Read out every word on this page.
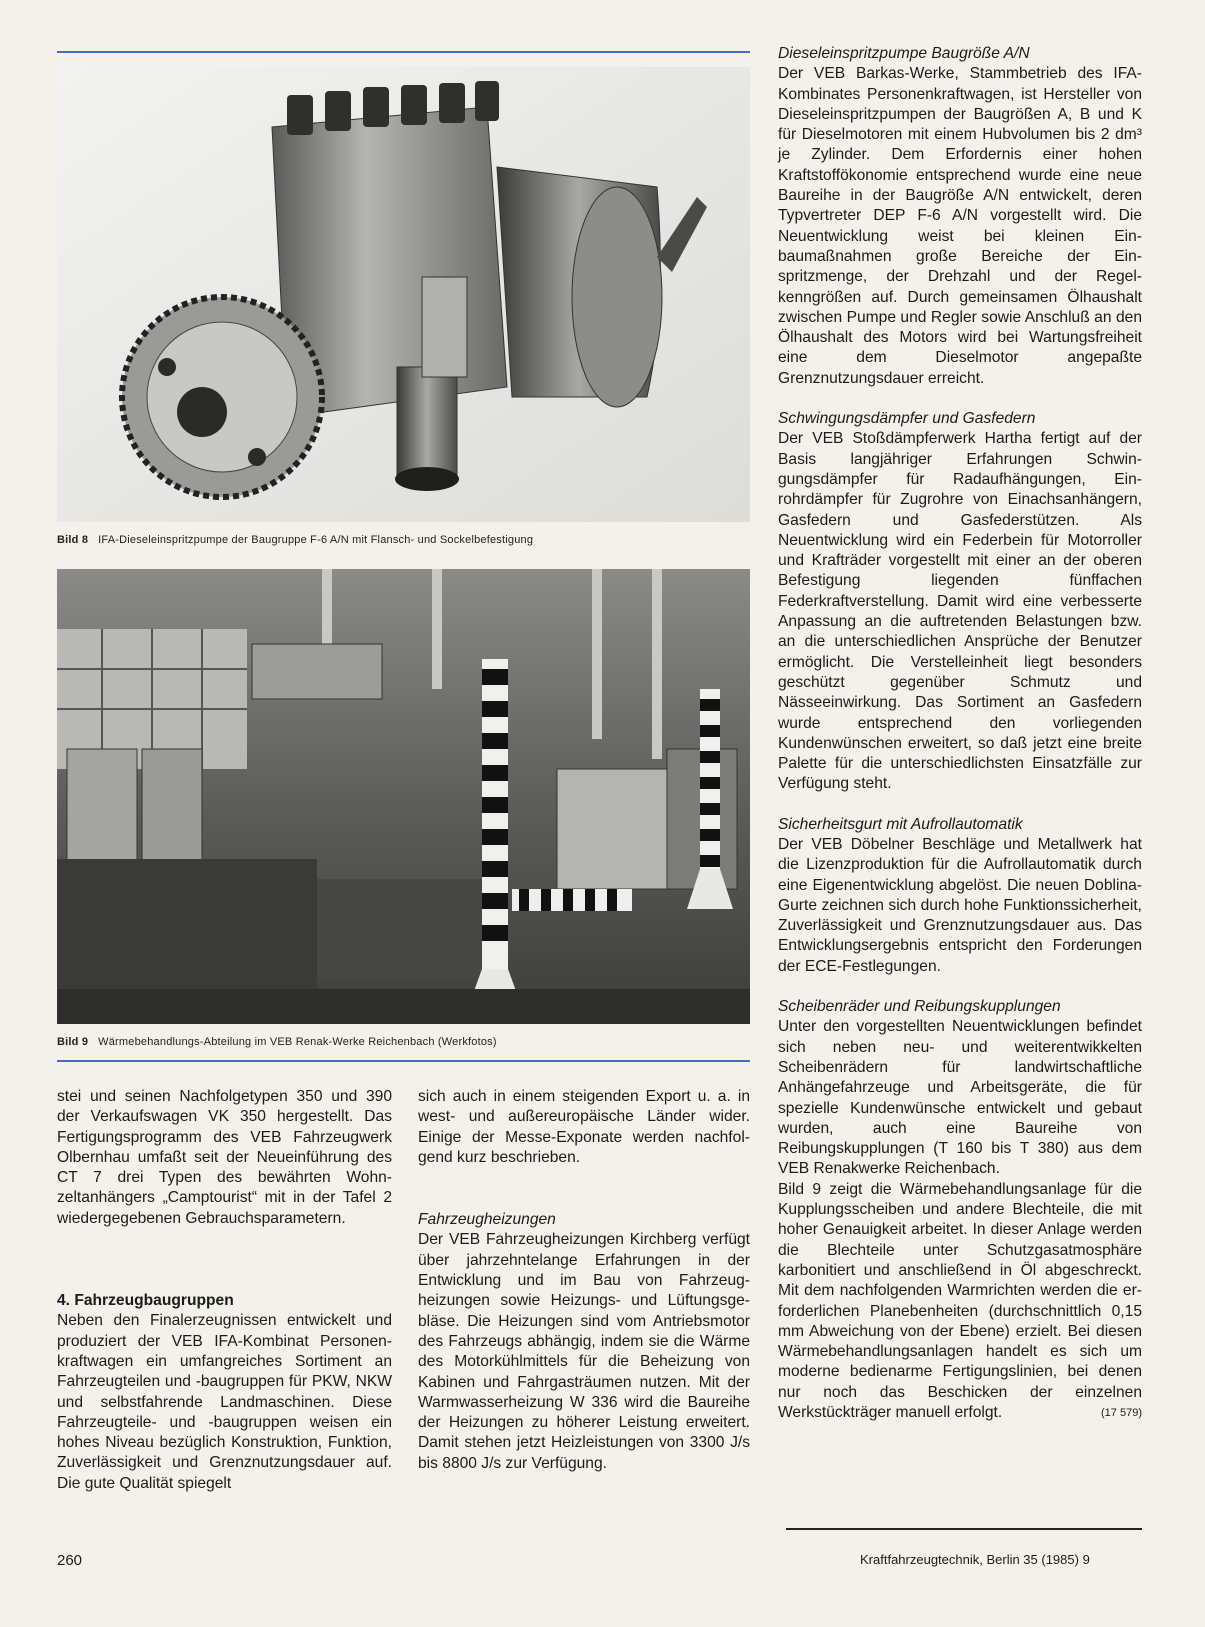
Bild 8 IFA-Dieseleinspritzpumpe der Baugruppe F-6 A/N mit Flansch- und Sockelbefestigung
Bild 9 Wärmebehandlungs-Abteilung im VEB Renak-Werke Reichenbach (Werkfotos)

Dieseleinspritzpumpe Baugröße A/N

Der VEB Barkas-Werke, Stammbetrieb des IFA-Kombinates Personenkraftwagen, ist Hersteller von Dieseleinspritzpumpen der Baugrößen A, B und K für Dieselmotoren mit einem Hubvolumen bis 2 dm³ je Zylinder. Dem Erfordernis einer hohen Kraftstoffökonomie entsprechend wurde eine neue Baureihe in der Baugröße A/N entwickelt, deren Typvertreter DEP F-6 A/N vorgestellt wird. Die Neuentwicklung weist bei kleinen Einbaumaßnahmen große Bereiche der Einspritzmenge, der Drehzahl und der Regelkenngrößen auf. Durch gemeinsamen Ölhaushalt zwischen Pumpe und Regler sowie Anschluß an den Ölhaushalt des Motors wird bei Wartungsfreiheit eine dem Dieselmotor angepaßte Grenznutzungsdauer erreicht.

Schwingungsdämpfer und Gasfedern

Der VEB Stoßdämpferwerk Hartha fertigt auf der Basis langjähriger Erfahrungen Schwingungsdämpfer für Radaufhängungen, Einrohrdämpfer für Zugrohre von Einachsanhängern, Gasfedern und Gasfederstützen. Als Neuentwicklung wird ein Federbein für Motorroller und Krafträder vorgestellt mit einer an der oberen Befestigung liegenden fünffachen Federkraftverstellung. Damit wird eine verbesserte Anpassung an die auftretenden Belastungen bzw. an die unterschiedlichen Ansprüche der Benutzer ermöglicht. Die Verstelleinheit liegt besonders geschützt gegenüber Schmutz und Nässeeinwirkung. Das Sortiment an Gasfedern wurde entsprechend den vorliegenden Kundenwünschen erweitert, so daß jetzt eine breite Palette für die unterschiedlichsten Einsatzfälle zur Verfügung steht.

Sicherheitsgurt mit Aufrollautomatik

Der VEB Döbelner Beschläge und Metallwerk hat die Lizenzproduktion für die Aufrollautomatik durch eine Eigenentwicklung abgelöst. Die neuen Doblina-Gurte zeichnen sich durch hohe Funktionssicherheit, Zuverlässigkeit und Grenznutzungsdauer aus. Das Entwicklungsergebnis entspricht den Forderungen der ECE-Festlegungen.

Scheibenräder und Reibungskupplungen

Unter den vorgestellten Neuentwicklungen befindet sich neben neu- und weiterentwikkelten Scheibenrädern für landwirtschaftliche Anhängefahrzeuge und Arbeitsgeräte, die für spezielle Kundenwünsche entwickelt und gebaut wurden, auch eine Baureihe von Reibungskupplungen (T 160 bis T 380) aus dem VEB Renakwerke Reichenbach.

Bild 9 zeigt die Wärmebehandlungsanlage für die Kupplungsscheiben und andere Blechteile, die mit hoher Genauigkeit arbeitet. In dieser Anlage werden die Blechteile unter Schutzgasatmosphäre karbonitiert und anschließend in Öl abgeschreckt. Mit dem nachfolgenden Warmrichten werden die erforderlichen Planebenheiten (durchschnittlich 0,15 mm Abweichung von der Ebene) erzielt. Bei diesen Wärmebehandlungsanlagen handelt es sich um moderne bedienarme Fertigungslinien, bei denen nur noch das Beschicken der einzelnen Werkstückträger manuell erfolgt.	(17 579)

stei und seinen Nachfolgetypen 350 und 390 der Verkaufswagen VK 350 hergestellt. Das Fertigungsprogramm des VEB Fahrzeugwerk Olbernhau umfaßt seit der Neueinführung des CT 7 drei Typen des bewährten Wohnzeltanhängers „Camptourist“ mit in der Tafel 2 wiedergegebenen Gebrauchsparametern.

4. Fahrzeugbaugruppen

Neben den Finalerzeugnissen entwickelt und produziert der VEB IFA-Kombinat Personenkraftwagen ein umfangreiches Sortiment an Fahrzeugteilen und -baugruppen für PKW, NKW und selbstfahrende Landmaschinen. Diese Fahrzeugteile- und -baugruppen weisen ein hohes Niveau bezüglich Konstruktion, Funktion, Zuverlässigkeit und Grenznutzungsdauer auf. Die gute Qualität spiegelt

sich auch in einem steigenden Export u. a. in west- und außereuropäische Länder wider. Einige der Messe-Exponate werden nachfolgend kurz beschrieben.

Fahrzeugheizungen

Der VEB Fahrzeugheizungen Kirchberg verfügt über jahrzehntelange Erfahrungen in der Entwicklung und im Bau von Fahrzeugheizungen sowie Heizungs- und Lüftungsgebläse. Die Heizungen sind vom Antriebsmotor des Fahrzeugs abhängig, indem sie die Wärme des Motorkühlmittels für die Beheizung von Kabinen und Fahrgasträumen nutzen. Mit der Warmwasserheizung W 336 wird die Baureihe der Heizungen zu höherer Leistung erweitert. Damit stehen jetzt Heizleistungen von 3300 J/s bis 8800 J/s zur Verfügung.

260	Kraftfahrzeugtechnik, Berlin 35 (1985) 9
